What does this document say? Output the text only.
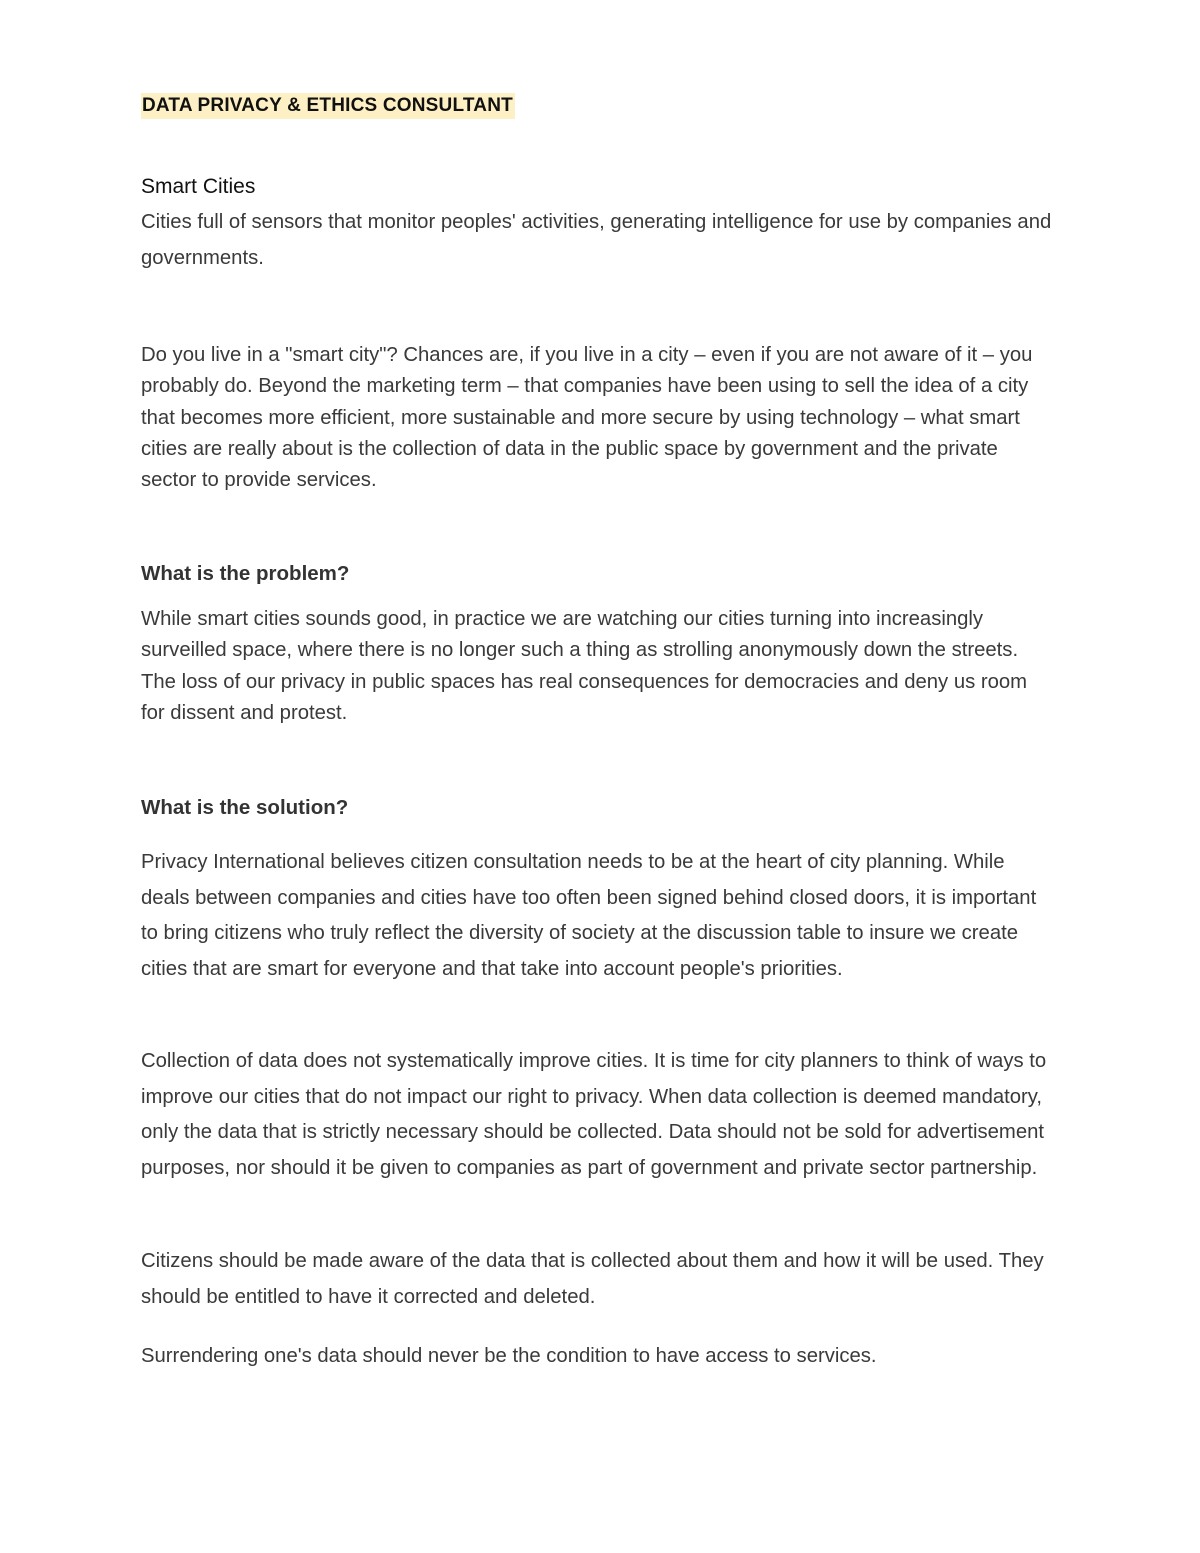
DATA PRIVACY & ETHICS CONSULTANT

Smart Cities

Cities full of sensors that monitor peoples' activities, generating intelligence for use by companies and governments.

Do you live in a "smart city"? Chances are, if you live in a city – even if you are not aware of it – you probably do. Beyond the marketing term – that companies have been using to sell the idea of a city that becomes more efficient, more sustainable and more secure by using technology – what smart cities are really about is the collection of data in the public space by government and the private sector to provide services.

What is the problem?

While smart cities sounds good, in practice we are watching our cities turning into increasingly surveilled space, where there is no longer such a thing as strolling anonymously down the streets. The loss of our privacy in public spaces has real consequences for democracies and deny us room for dissent and protest.

What is the solution?

Privacy International believes citizen consultation needs to be at the heart of city planning. While deals between companies and cities have too often been signed behind closed doors, it is important to bring citizens who truly reflect the diversity of society at the discussion table to insure we create cities that are smart for everyone and that take into account people's priorities.

Collection of data does not systematically improve cities. It is time for city planners to think of ways to improve our cities that do not impact our right to privacy. When data collection is deemed mandatory, only the data that is strictly necessary should be collected. Data should not be sold for advertisement purposes, nor should it be given to companies as part of government and private sector partnership.

Citizens should be made aware of the data that is collected about them and how it will be used. They should be entitled to have it corrected and deleted.

Surrendering one's data should never be the condition to have access to services.
